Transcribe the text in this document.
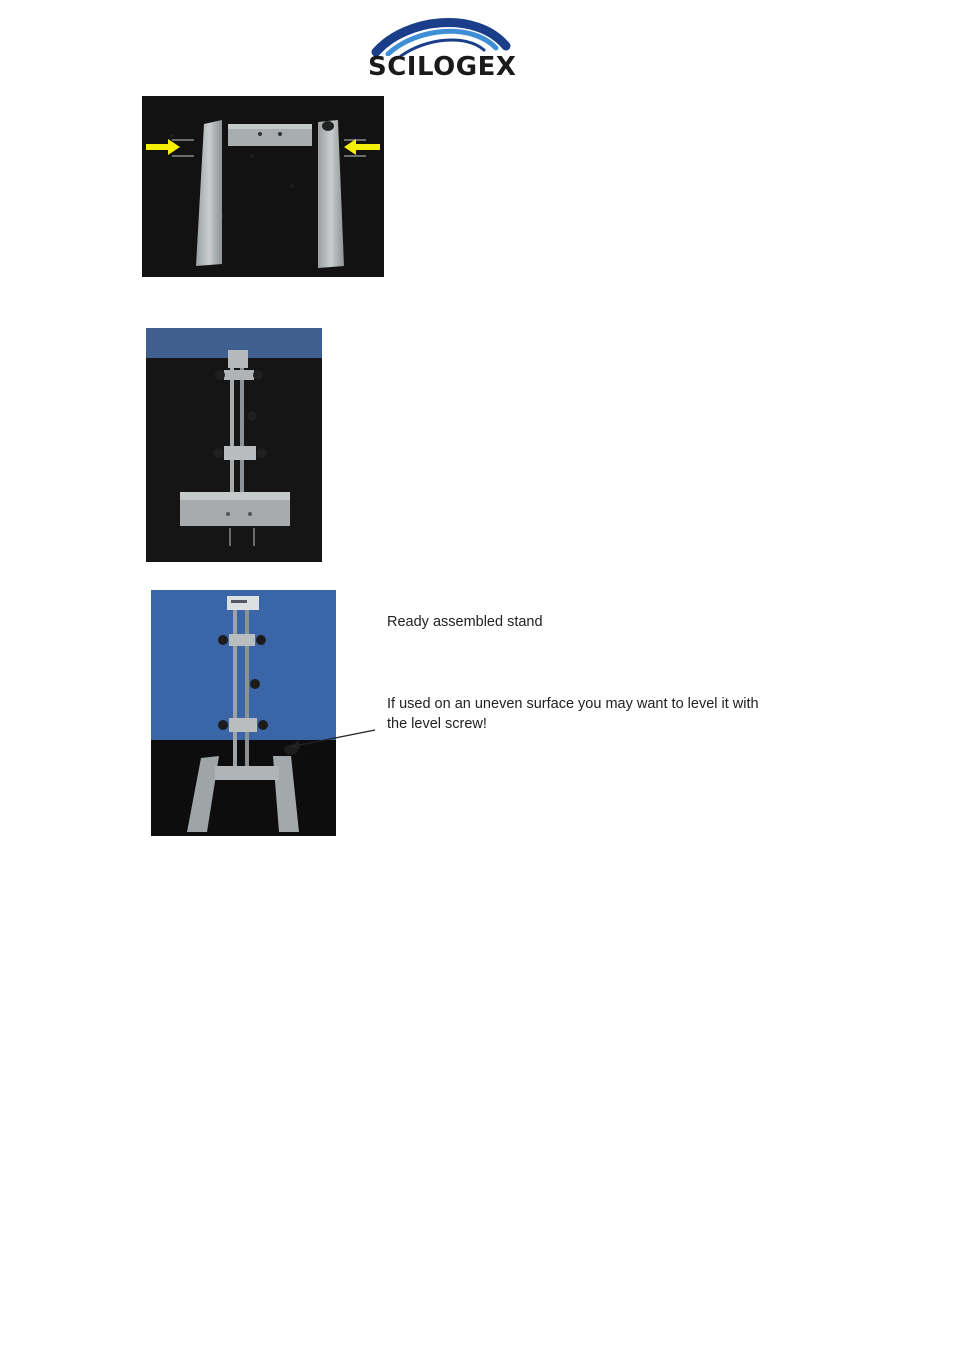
SCILOGEX

Ready assembled stand

If used on an uneven surface you may want to level it with the level screw!
